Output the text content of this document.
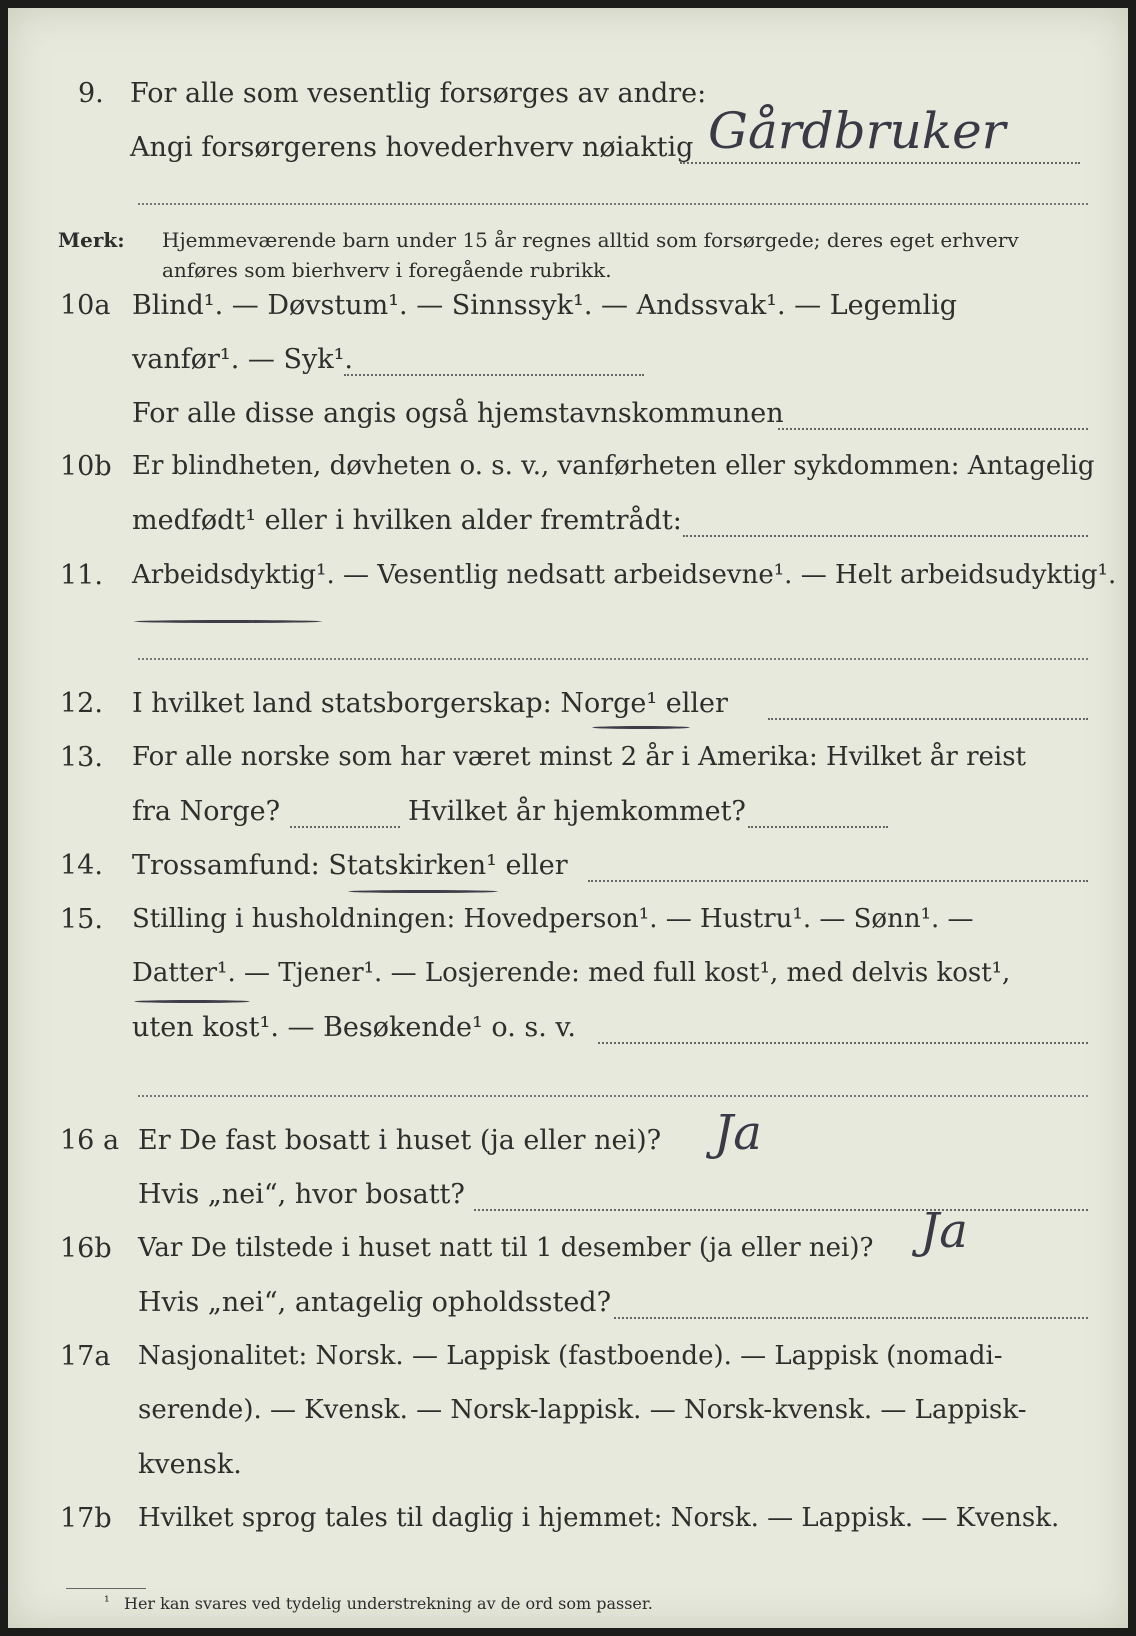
9. For alle som vesentlig forsørges av andre:
Angi forsørgerens hovederhverv nøiaktig Gårdbruker
Merk: Hjemmeværende barn under 15 år regnes alltid som forsørgede; deres eget erhverv
anføres som bierhverv i foregående rubrikk.
10a Blind¹. — Døvstum¹. — Sinnssyk¹. — Andssvak¹. — Legemlig
vanfør¹. — Syk¹.
For alle disse angis også hjemstavnskommunen
10b Er blindheten, døvheten o. s. v., vanførheten eller sykdommen: Antagelig
medfødt¹ eller i hvilken alder fremtrådt:
11. Arbeidsdyktig¹. — Vesentlig nedsatt arbeidsevne¹. — Helt arbeidsudyktig¹.
12. I hvilket land statsborgerskap: Norge¹ eller
13. For alle norske som har været minst 2 år i Amerika: Hvilket år reist
fra Norge?	Hvilket år hjemkommet?
14. Trossamfund: Statskirken¹ eller
15. Stilling i husholdningen: Hovedperson¹. — Hustru¹. — Sønn¹. —
Datter¹. — Tjener¹. — Losjerende: med full kost¹, med delvis kost¹,
uten kost¹. — Besøkende¹ o. s. v.
16 a Er De fast bosatt i huset (ja eller nei)? Ja
Hvis „nei“, hvor bosatt?
16b Var De tilstede i huset natt til 1 desember (ja eller nei)? Ja
Hvis „nei“, antagelig opholdssted?
17a Nasjonalitet: Norsk. — Lappisk (fastboende). — Lappisk (nomadi-
serende). — Kvensk. — Norsk-lappisk. — Norsk-kvensk. — Lappisk-
kvensk.
17b Hvilket sprog tales til daglig i hjemmet: Norsk. — Lappisk. — Kvensk.
¹ Her kan svares ved tydelig understrekning av de ord som passer.
